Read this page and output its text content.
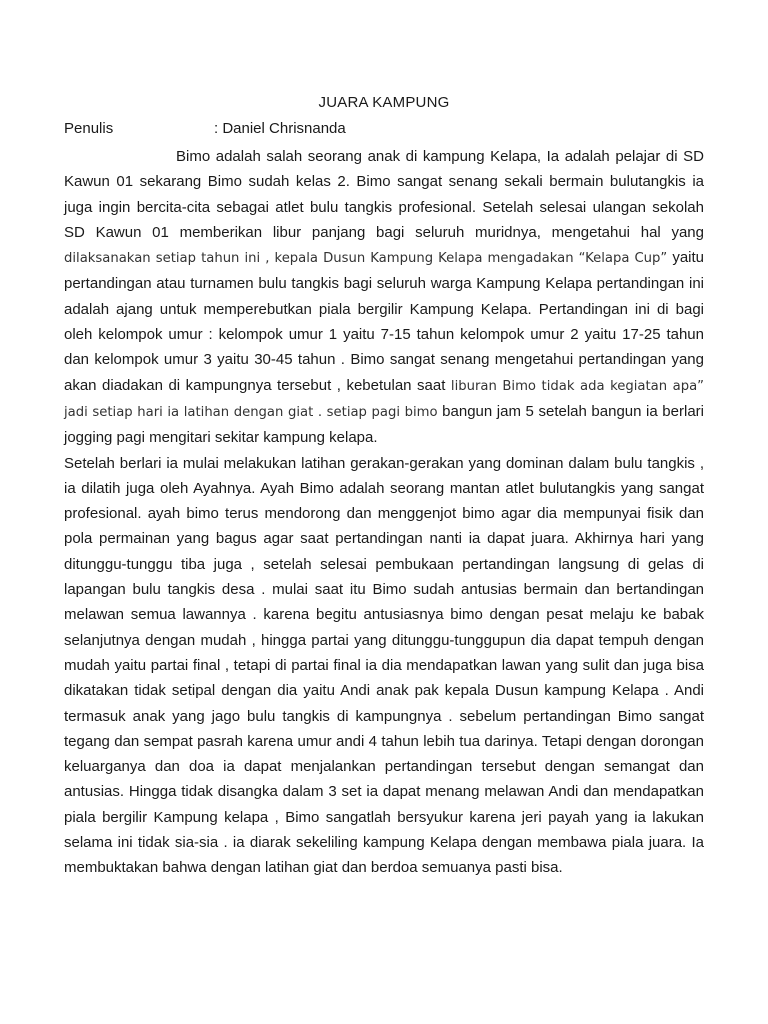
JUARA KAMPUNG
Penulis	: Daniel Chrisnanda

Bimo adalah salah seorang anak di kampung Kelapa, Ia adalah pelajar di SD Kawun 01 sekarang Bimo sudah kelas 2. Bimo sangat senang sekali bermain bulutangkis ia juga ingin bercita-cita sebagai atlet bulu tangkis profesional. Setelah selesai ulangan sekolah SD Kawun 01 memberikan libur panjang bagi seluruh muridnya, mengetahui hal yang dilaksanakan setiap tahun ini , kepala Dusun Kampung Kelapa mengadakan “Kelapa Cup” yaitu pertandingan atau turnamen bulu tangkis bagi seluruh warga Kampung Kelapa pertandingan ini adalah ajang untuk memperebutkan piala bergilir Kampung Kelapa. Pertandingan ini di bagi oleh kelompok umur : kelompok umur 1 yaitu 7-15 tahun kelompok umur 2 yaitu 17-25 tahun dan kelompok umur 3 yaitu 30-45 tahun . Bimo sangat senang mengetahui pertandingan yang akan diadakan di kampungnya tersebut , kebetulan saat liburan Bimo tidak ada kegiatan apa” jadi setiap hari ia latihan dengan giat . setiap pagi bimo bangun jam 5 setelah bangun ia berlari jogging pagi mengitari sekitar kampung kelapa.

Setelah berlari ia mulai melakukan latihan gerakan-gerakan yang dominan dalam bulu tangkis , ia dilatih juga oleh Ayahnya. Ayah Bimo adalah seorang mantan atlet bulutangkis yang sangat profesional. ayah bimo terus mendorong dan menggenjot bimo agar dia mempunyai fisik dan pola permainan yang bagus agar saat pertandingan nanti ia dapat juara. Akhirnya hari yang ditunggu-tunggu tiba juga , setelah selesai pembukaan pertandingan langsung di gelas di lapangan bulu tangkis desa . mulai saat itu Bimo sudah antusias bermain dan bertandingan melawan semua lawannya . karena begitu antusiasnya bimo dengan pesat melaju ke babak selanjutnya dengan mudah , hingga partai yang ditunggu-tunggupun dia dapat tempuh dengan mudah yaitu partai final , tetapi di partai final ia dia mendapatkan lawan yang sulit dan juga bisa dikatakan tidak setipal dengan dia yaitu Andi anak pak kepala Dusun kampung Kelapa . Andi termasuk anak yang jago bulu tangkis di kampungnya . sebelum pertandingan Bimo sangat tegang dan sempat pasrah karena umur andi 4 tahun lebih tua darinya. Tetapi dengan dorongan keluarganya dan doa ia dapat menjalankan pertandingan tersebut dengan semangat dan antusias. Hingga tidak disangka dalam 3 set ia dapat menang melawan Andi dan mendapatkan piala bergilir Kampung kelapa , Bimo sangatlah bersyukur karena jeri payah yang ia lakukan selama ini tidak sia-sia . ia diarak sekeliling kampung Kelapa dengan membawa piala juara. Ia membuktakan bahwa dengan latihan giat dan berdoa semuanya pasti bisa.
